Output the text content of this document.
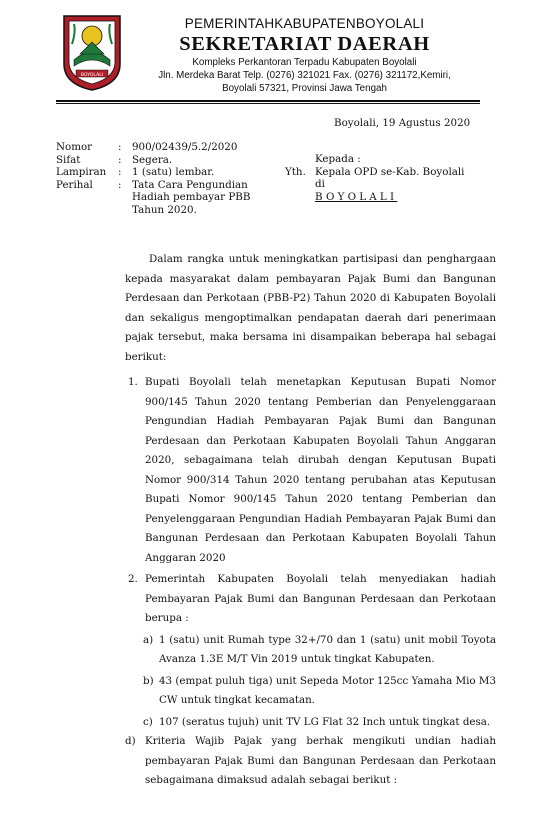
BOYOLALI
PEMERINTAHKABUPATENBOYOLALI
SEKRETARIAT DAERAH
Kompleks Perkantoran Terpadu Kabupaten Boyolali
Jln. Merdeka Barat Telp. (0276) 321021 Fax. (0276) 321172,Kemiri,
Boyolali 57321, Provinsi Jawa Tengah
Boyolali, 19 Agustus 2020
Nomor	: 900/02439/5.2/2020
Sifat	: Segera.
Lampiran	: 1 (satu) lembar.
Perihal	: Tata Cara Pengundian
Hadiah pembayar PBB
Tahun 2020.
Yth.
Kepada :
Kepala OPD se-Kab. Boyolali
di
BOYOLALI

Dalam rangka untuk meningkatkan partisipasi dan penghargaan kepada masyarakat dalam pembayaran Pajak Bumi dan Bangunan Perdesaan dan Perkotaan (PBB-P2) Tahun 2020 di Kabupaten Boyolali dan sekaligus mengoptimalkan pendapatan daerah dari penerimaan pajak tersebut, maka bersama ini disampaikan beberapa hal sebagai berikut:

1. Bupati Boyolali telah menetapkan Keputusan Bupati Nomor 900/145 Tahun 2020 tentang Pemberian dan Penyelenggaraan Pengundian Hadiah Pembayaran Pajak Bumi dan Bangunan Perdesaan dan Perkotaan Kabupaten Boyolali Tahun Anggaran 2020, sebagaimana telah dirubah dengan Keputusan Bupati Nomor 900/314 Tahun 2020 tentang perubahan atas Keputusan Bupati Nomor 900/145 Tahun 2020 tentang Pemberian dan Penyelenggaraan Pengundian Hadiah Pembayaran Pajak Bumi dan Bangunan Perdesaan dan Perkotaan Kabupaten Boyolali Tahun Anggaran 2020
2. Pemerintah Kabupaten Boyolali telah menyediakan hadiah Pembayaran Pajak Bumi dan Bangunan Perdesaan dan Perkotaan berupa :
a) 1 (satu) unit Rumah type 32+/70 dan 1 (satu) unit mobil Toyota Avanza 1.3E M/T Vin 2019 untuk tingkat Kabupaten.
b) 43 (empat puluh tiga) unit Sepeda Motor 125cc Yamaha Mio M3 CW untuk tingkat kecamatan.
c) 107 (seratus tujuh) unit TV LG Flat 32 Inch untuk tingkat desa.
d) Kriteria Wajib Pajak yang berhak mengikuti undian hadiah pembayaran Pajak Bumi dan Bangunan Perdesaan dan Perkotaan sebagaimana dimaksud adalah sebagai berikut :
